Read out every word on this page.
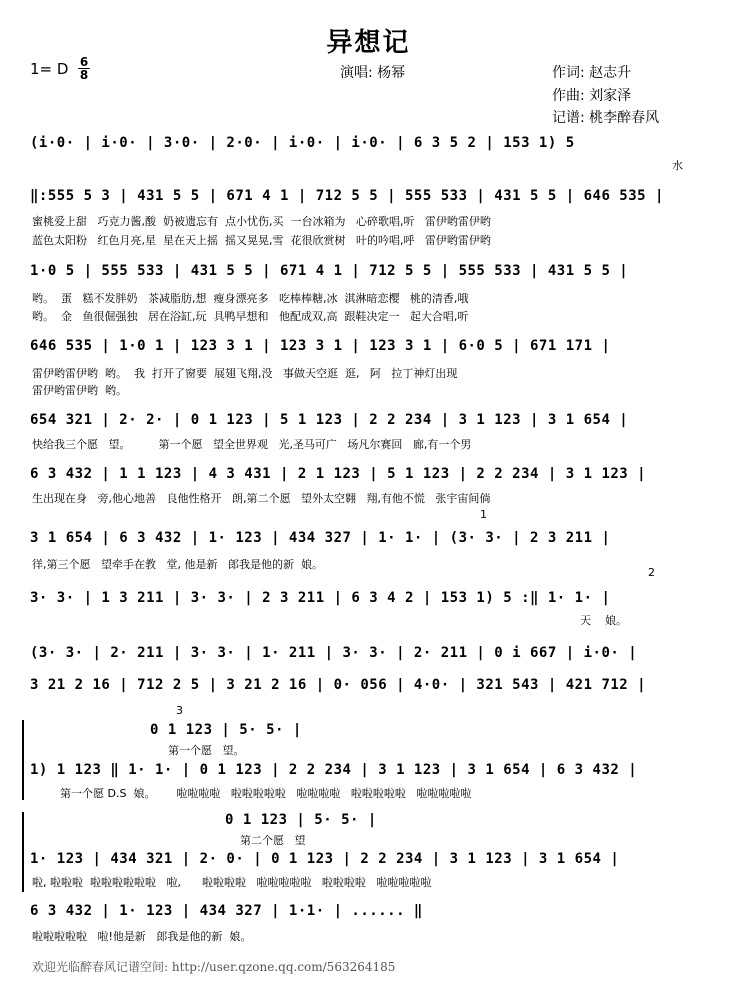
异想记
1= D $\frac{6}{8}$	演唱: 杨幂	作词: 赵志升
作曲: 刘家泽
记谱: 桃李醉春风
(i·0· | i·0· | 3·0· | 2·0· | i·0· | i·0· | 6 3 5 2 | 153 1) 5
水
‖:555 5 3 | 431 5 5 | 671 4 1 | 712 5 5 | 555 533 | 431 5 5 | 646 535 |
蜜桃爱上甜   巧克力酱,酸  奶被遗忘有  点小忧伤,买  一台冰箱为   心碎歌唱,听   雷伊哟雷伊哟
蓝色太阳粉   红色月亮,星  星在天上摇  摇又晃晃,雪  花很欣赏树   叶的吟唱,呼   雷伊哟雷伊哟
1·0 5 | 555 533 | 431 5 5 | 671 4 1 | 712 5 5 | 555 533 | 431 5 5 |
哟。  蛋   糕不发胖奶   茶减脂肪,想  瘦身漂亮多   吃棒棒糖,冰  淇淋暗恋樱   桃的清香,哦
哟。  金   鱼很倔强独   居在浴缸,玩  具鸭早想和   他配成双,高  跟鞋决定一   起大合唱,听
646 535 | 1·0 1 | 123 3 1 | 123 3 1 | 123 3 1 | 6·0 5 | 671 171 |
雷伊哟雷伊哟  哟。  我  打开了窗要  展翅飞翔,没   事做天空逛  逛,   阿   拉丁神灯出现
雷伊哟雷伊哟  哟。
654 321 | 2· 2· | 0 1 123 | 5 1 123 | 2 2 234 | 3 1 123 | 3 1 654 |
快给我三个愿   望。        第一个愿   望全世界观   光,圣马可广   场凡尔赛回   廊,有一个男
6 3 432 | 1 1 123 | 4 3 431 | 2 1 123 | 5 1 123 | 2 2 234 | 3 1 123 |
生出现在身   旁,他心地善   良他性格开   朗,第二个愿   望外太空翱   翔,有他不慌   张宇宙间倘
1
3 1 654 | 6 3 432 | 1· 123 | 434 327 | 1· 1· | (3· 3· | 2 3 211 |
徉,第三个愿   望牵手在教   堂, 他是新   郎我是他的新  娘。
2
3· 3· | 1 3 211 | 3· 3· | 2 3 211 | 6 3 4 2 | 153 1) 5 :‖ 1· 1· |
天    娘。
(3· 3· | 2· 211 | 3· 3· | 1· 211 | 3· 3· | 2· 211 | 0 i 667 | i·0· |
3 21 2 16 | 712 2 5 | 3 21 2 16 | 0· 056 | 4·0· | 321 543 | 421 712 |
3
0 1 123 | 5· 5· |
第一个愿   望。
1) 1 123 ‖ 1· 1· | 0 1 123 | 2 2 234 | 3 1 123 | 3 1 654 | 6 3 432 |
第一个愿 D.S  娘。      啦啦啦啦   啦啦啦啦啦   啦啦啦啦   啦啦啦啦啦   啦啦啦啦啦
0 1 123 | 5· 5· |
第二个愿   望
1· 123 | 434 321 | 2· 0· | 0 1 123 | 2 2 234 | 3 1 123 | 3 1 654 |
啦, 啦啦啦  啦啦啦啦啦啦   啦,      啦啦啦啦   啦啦啦啦啦   啦啦啦啦   啦啦啦啦啦
6 3 432 | 1· 123 | 434 327 | 1·1· | ...... ‖
啦啦啦啦啦   啦!他是新   郎我是他的新  娘。
欢迎光临醉春风记谱空间: http://user.qzone.qq.com/563264185
